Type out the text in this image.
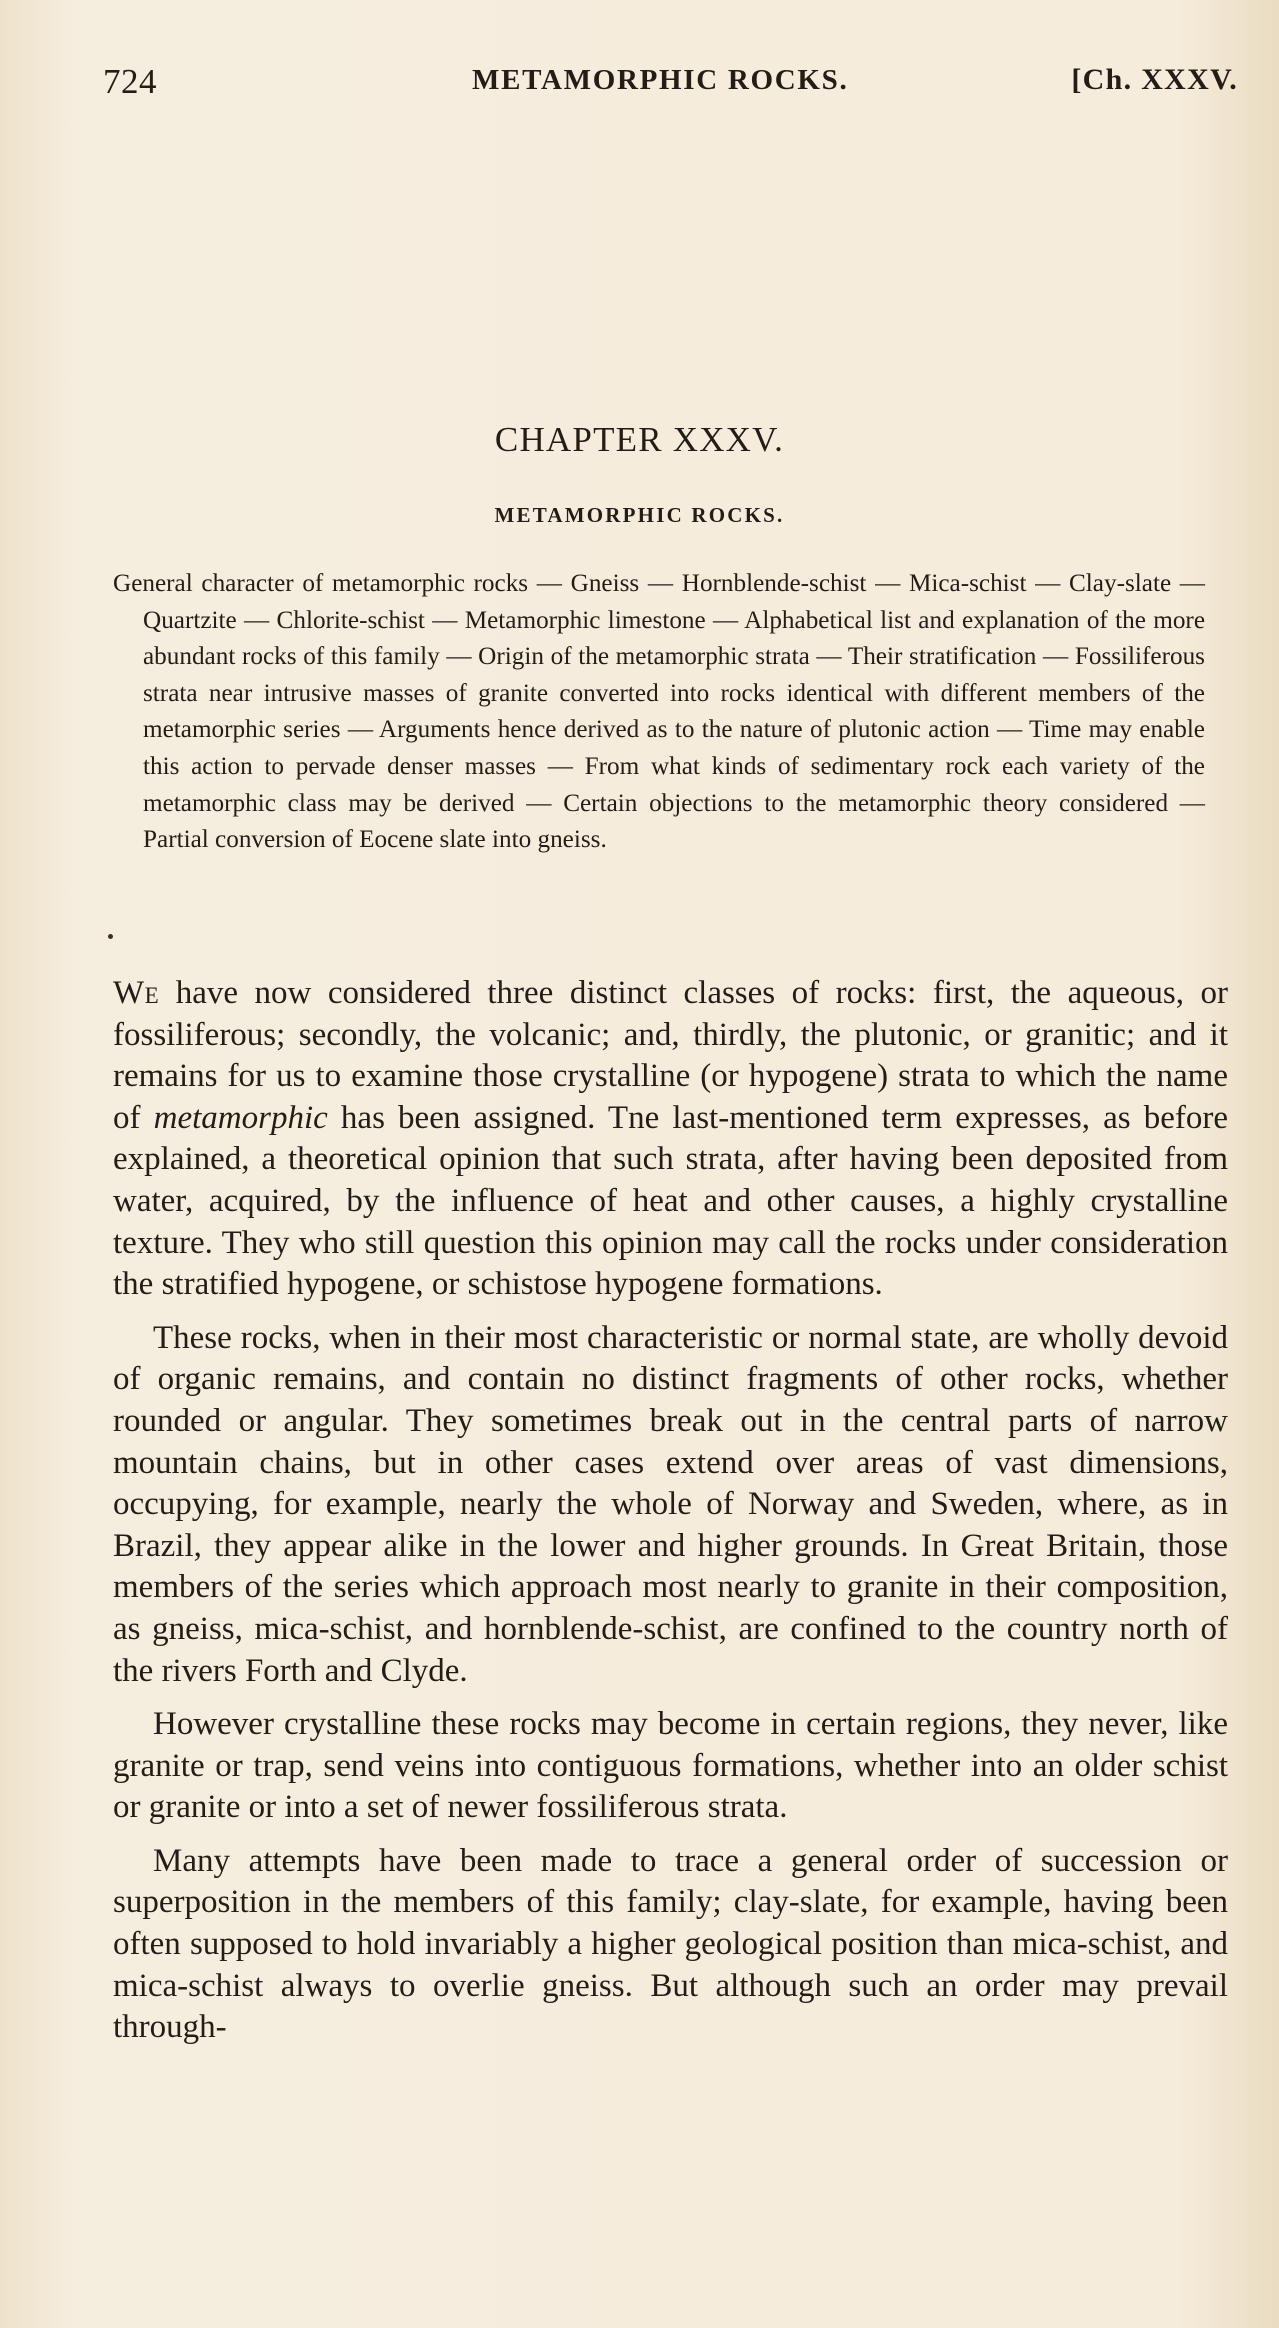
724	METAMORPHIC ROCKS.	[Ch. XXXV.
CHAPTER XXXV.
METAMORPHIC ROCKS.
General character of metamorphic rocks — Gneiss — Hornblende-schist — Mica-schist — Clay-slate — Quartzite — Chlorite-schist — Metamorphic limestone — Alphabetical list and explanation of the more abundant rocks of this family — Origin of the metamorphic strata — Their stratification — Fossiliferous strata near intrusive masses of granite converted into rocks identical with different members of the metamorphic series — Arguments hence derived as to the nature of plutonic action — Time may enable this action to pervade denser masses — From what kinds of sedimentary rock each variety of the metamorphic class may be derived — Certain objections to the metamorphic theory considered — Partial conversion of Eocene slate into gneiss.

We have now considered three distinct classes of rocks: first, the aqueous, or fossiliferous; secondly, the volcanic; and, thirdly, the plutonic, or granitic; and it remains for us to examine those crystalline (or hypogene) strata to which the name of metamorphic has been assigned. Tne last-mentioned term expresses, as before explained, a theoretical opinion that such strata, after having been deposited from water, acquired, by the influence of heat and other causes, a highly crystalline texture. They who still question this opinion may call the rocks under consideration the stratified hypogene, or schistose hypogene formations.

These rocks, when in their most characteristic or normal state, are wholly devoid of organic remains, and contain no distinct fragments of other rocks, whether rounded or angular. They sometimes break out in the central parts of narrow mountain chains, but in other cases extend over areas of vast dimensions, occupying, for example, nearly the whole of Norway and Sweden, where, as in Brazil, they appear alike in the lower and higher grounds. In Great Britain, those members of the series which approach most nearly to granite in their composition, as gneiss, mica-schist, and hornblende-schist, are confined to the country north of the rivers Forth and Clyde.

However crystalline these rocks may become in certain regions, they never, like granite or trap, send veins into contiguous formations, whether into an older schist or granite or into a set of newer fossiliferous strata.

Many attempts have been made to trace a general order of succession or superposition in the members of this family; clay-slate, for example, having been often supposed to hold invariably a higher geological position than mica-schist, and mica-schist always to overlie gneiss. But although such an order may prevail through-
